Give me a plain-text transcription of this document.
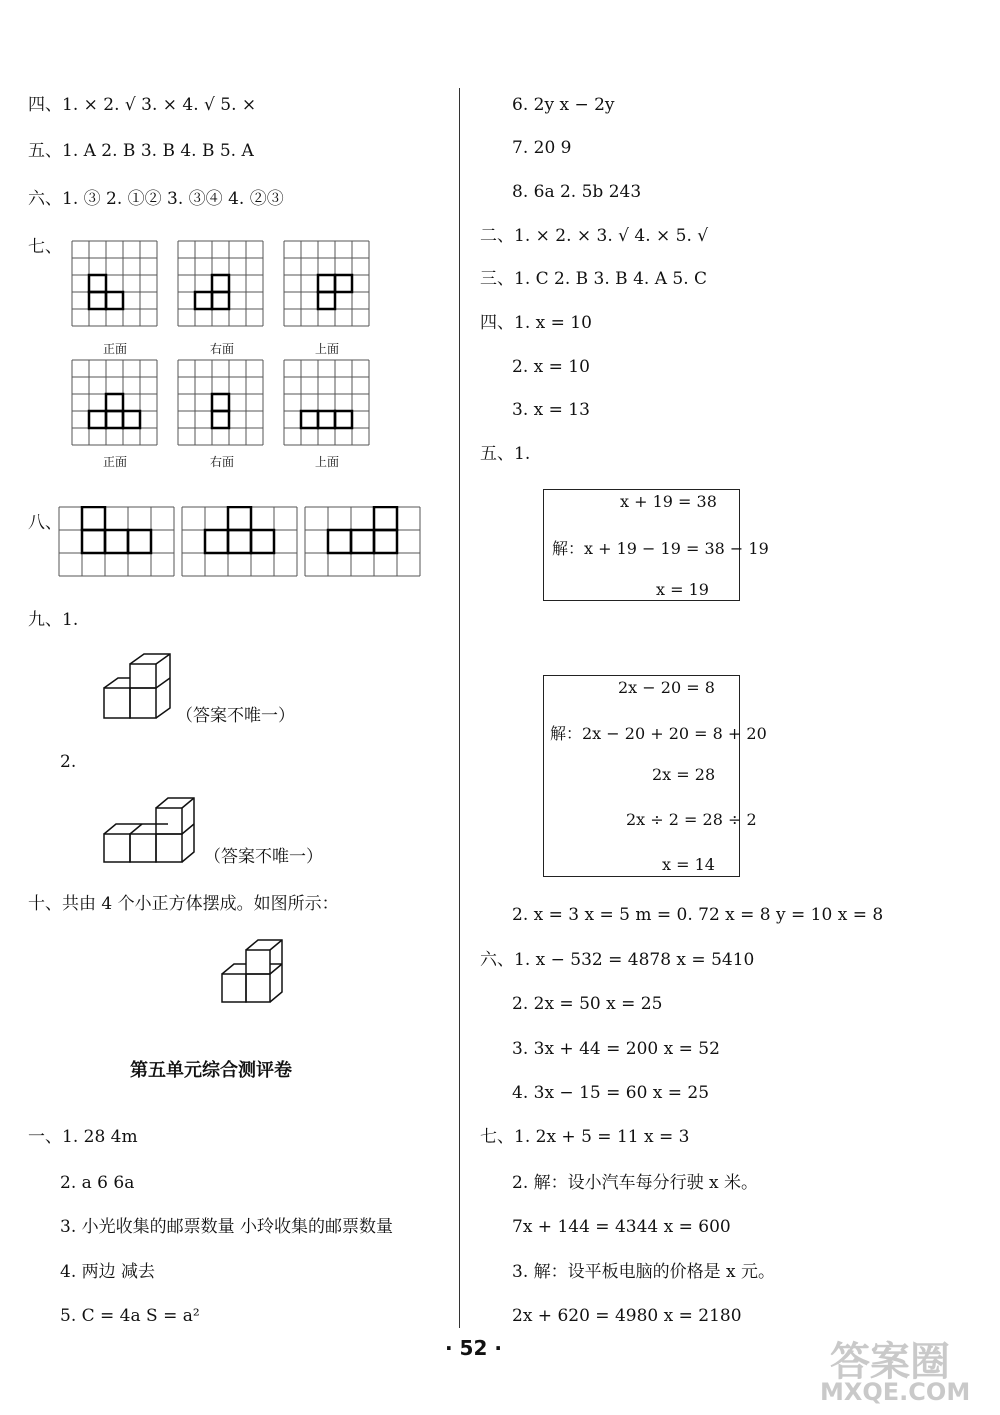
四、1. × 2. √ 3. × 4. √ 5. ×
五、1. A 2. B 3. B 4. B 5. A
六、1. ③ 2. ①② 3. ③④ 4. ②③
七、
正面	右面	上面
正面	右面	上面
八、
九、1.
（答案不唯一）
2.
（答案不唯一）
十、共由 4 个小正方体摆成。如图所示：
第五单元综合测评卷
一、1. 28 4m
2. a 6 6a
3. 小光收集的邮票数量 小玲收集的邮票数量
4. 两边 减去
5. C = 4a S = a²
6. 2y x − 2y
7. 20 9
8. 6a 2. 5b 243
二、1. × 2. × 3. √ 4. × 5. √
三、1. C 2. B 3. B 4. A 5. C
四、1. x = 10
2. x = 10
3. x = 13
五、1.
x + 19 = 38
解：x + 19 − 19 = 38 − 19
x = 19
2x − 20 = 8
解：2x − 20 + 20 = 8 + 20
2x = 28
2x ÷ 2 = 28 ÷ 2
x = 14
2. x = 3 x = 5 m = 0. 72 x = 8 y = 10 x = 8
六、1. x − 532 = 4878 x = 5410
2. 2x = 50 x = 25
3. 3x + 44 = 200 x = 52
4. 3x − 15 = 60 x = 25
七、1. 2x + 5 = 11 x = 3
2. 解：设小汽车每分行驶 x 米。
7x + 144 = 4344 x = 600
3. 解：设平板电脑的价格是 x 元。
2x + 620 = 4980 x = 2180
· 52 ·	答案圈
MXQE.COM
